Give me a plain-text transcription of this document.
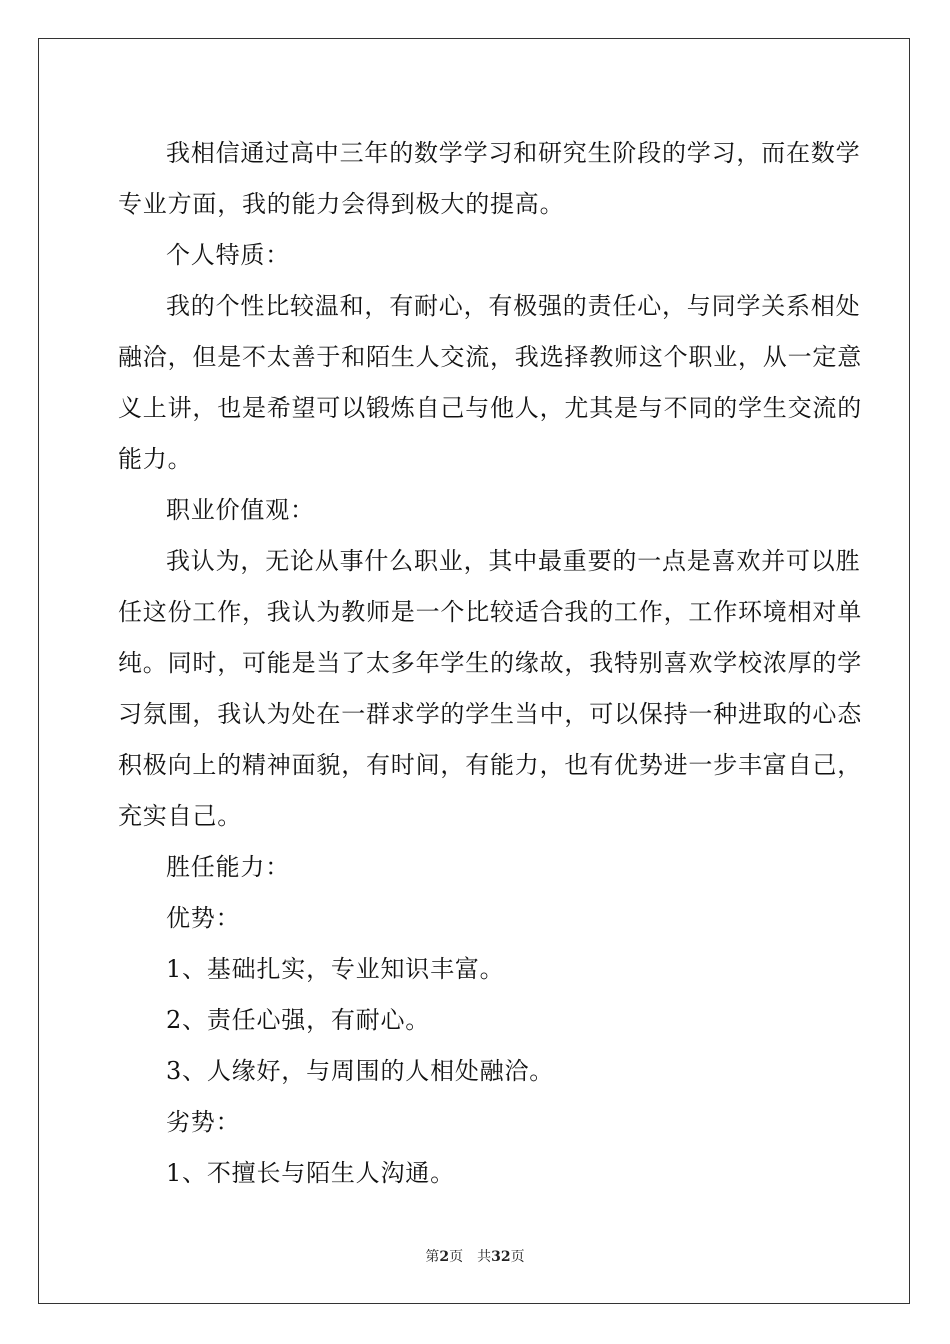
我相信通过高中三年的数学学习和研究生阶段的学习，而在数学
专业方面，我的能力会得到极大的提高。
个人特质：
我的个性比较温和，有耐心，有极强的责任心，与同学关系相处
融洽，但是不太善于和陌生人交流，我选择教师这个职业，从一定意
义上讲，也是希望可以锻炼自己与他人，尤其是与不同的学生交流的
能力。
职业价值观：
我认为，无论从事什么职业，其中最重要的一点是喜欢并可以胜
任这份工作，我认为教师是一个比较适合我的工作，工作环境相对单
纯。同时，可能是当了太多年学生的缘故，我特别喜欢学校浓厚的学
习氛围，我认为处在一群求学的学生当中，可以保持一种进取的心态
积极向上的精神面貌，有时间，有能力，也有优势进一步丰富自己，
充实自己。
胜任能力：
优势：
1、基础扎实，专业知识丰富。
2、责任心强，有耐心。
3、人缘好，与周围的人相处融洽。
劣势：
1、不擅长与陌生人沟通。
第2页 共32页
